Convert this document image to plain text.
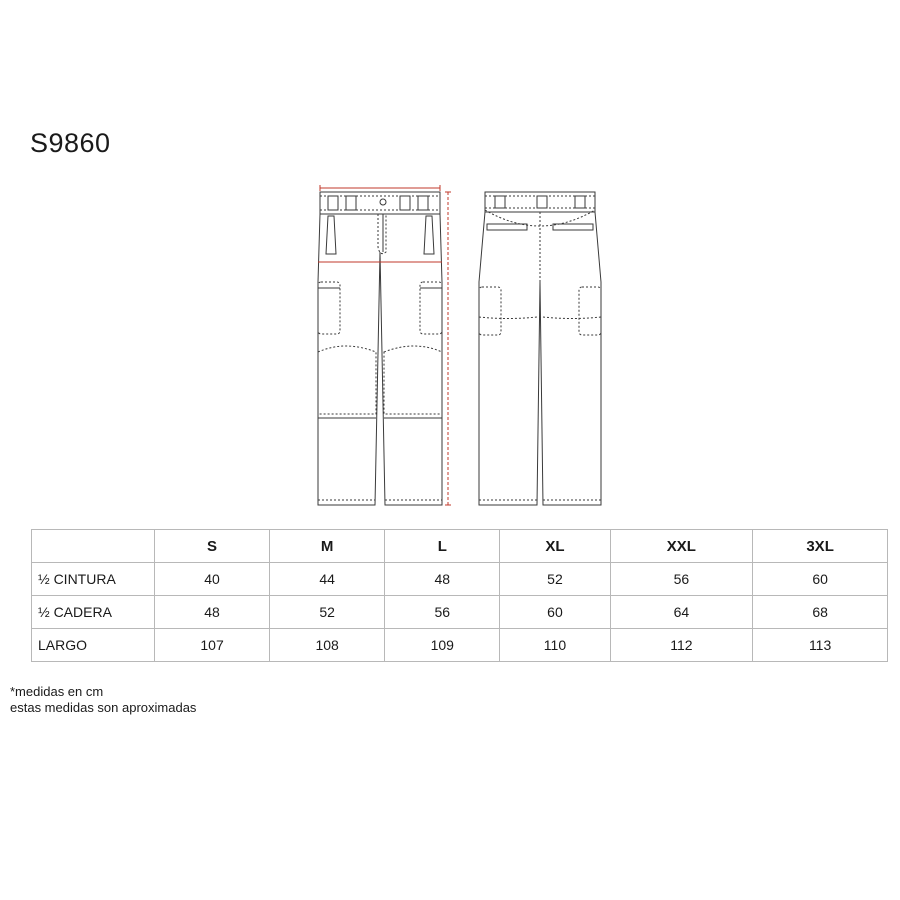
S9860
	S	M	L	XL	XXL	3XL
½ CINTURA	40	44	48	52	56	60
½ CADERA	48	52	56	60	64	68
LARGO	107	108	109	110	112	113
*medidas en cm
estas medidas son aproximadas
